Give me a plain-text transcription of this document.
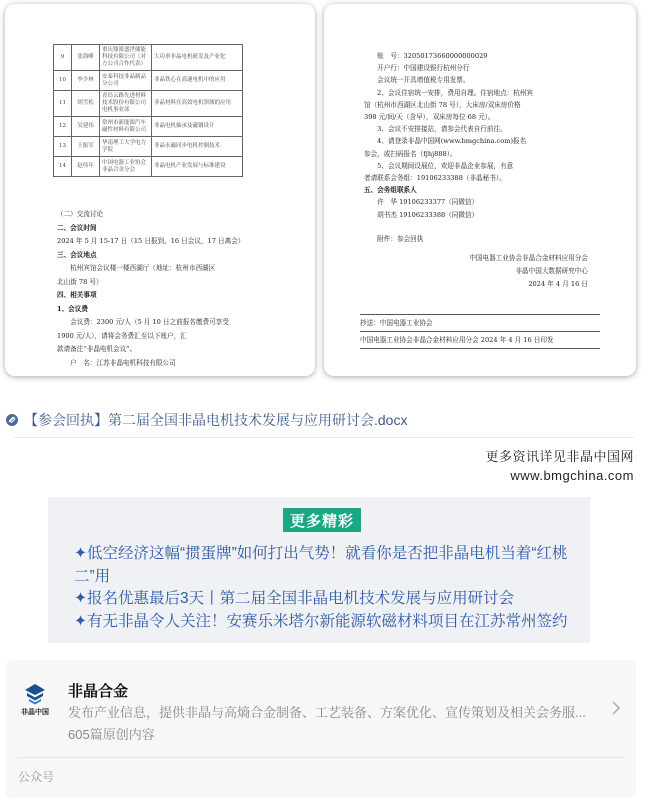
9	张海峰	重庆鼎派盛世储能科技有限公司（对方公司合作代表）	大功率非晶电机研发及产业化
10	李少林	安泰科技非晶制品分公司	非晶铁心在高速电机中的应用
11	胡雪松	青岛云路先进材料技术股份有限公司电机事业部	非晶材料在高效电机领域的应用
12	吴建伟	常州市新能源汽车磁性材料有限公司	非晶电机轴承及磁钢设计
13	王振军	华南理工大学电力学院	非晶永磁同步电机控制技术
14	赵伟年	中国电器工业协会非晶合金分会	非晶电机产业发展与标准建设
（二）交流讨论
二、会议时间
2024 年 5 月 15-17 日（15 日报到，16 日会议，17 日离会）
三、会议地点
　　杭州宾馆会议楼一楼西湖厅（地址：杭州市西湖区
北山街 78 号）
四、相关事项
1、会议费
　　会议费：2300 元/人（5 月 10 日之前报名缴费可享受
1900 元/人），请将会务费汇至以下账户，汇
款请备注“非晶电机会议”。
　　户　名：江苏非晶电机科技有限公司
　　账　号：32050173660000000029
　　开户行：中国建设银行杭州分行
　　会议统一开具增值税专用发票。
　　2、会议住宿统一安排，费用自理。住宿地点：杭州宾
馆（杭州市西湖区北山街 78 号），大床房/双床房价格
398 元/间/天（含早），双床房每位 68 元）。
　　3、会议不安排接站，请参会代表自行前往。
　　4、请登录非晶中国网(www.bmgchina.com)报名
参会，或扫码报名（fjhj888）。
　　5、会议期间设展位，欢迎非晶企业参展，有意
者请联系会务组：19106233388（非晶秘书）。
五、会务组联系人
　　许　华 19106233377（同微信）
　　胡书杰 19106233388（同微信）
　　附件：参会回执
中国电器工业协会非晶合金材料应用分会
非晶中国大数据研究中心
2024 年 4 月 16 日
抄送：中国电器工业协会
中国电器工业协会非晶合金材料应用分会 2024 年 4 月 16 日印发
【参会回执】第二届全国非晶电机技术发展与应用研讨会.docx
更多资讯详见非晶中国网
www.bmgchina.com
更多精彩
✦低空经济这幅“掼蛋牌”如何打出气势！就看你是否把非晶电机当着“红桃二”用
✦报名优惠最后3天丨第二届全国非晶电机技术发展与应用研讨会
✦有无非晶令人关注！安赛乐米塔尔新能源软磁材料项目在江苏常州签约
非晶中国
非晶合金
发布产业信息，提供非晶与高熵合金制备、工艺装备、方案优化、宣传策划及相关会务服...
605篇原创内容
公众号
